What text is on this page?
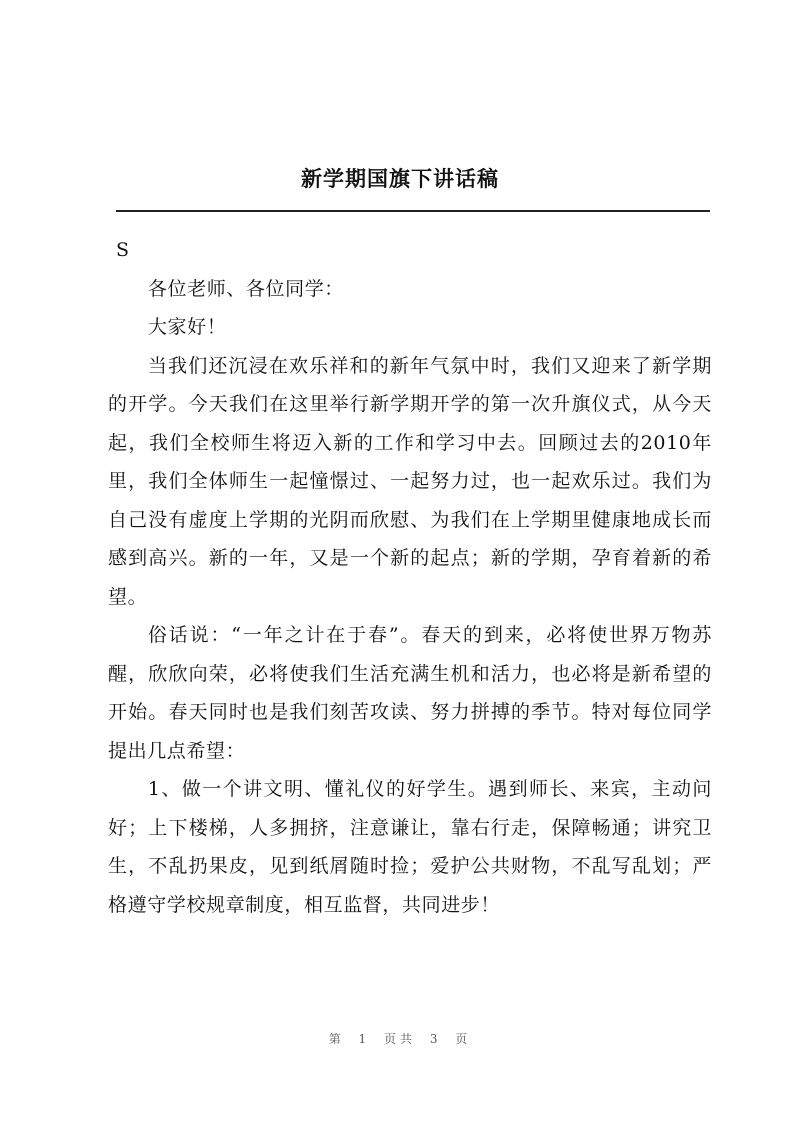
新学期国旗下讲话稿

S

各位老师、各位同学：

大家好！

当我们还沉浸在欢乐祥和的新年气氛中时，我们又迎来了新学期的开学。今天我们在这里举行新学期开学的第一次升旗仪式，从今天起，我们全校师生将迈入新的工作和学习中去。回顾过去的2010年里，我们全体师生一起憧憬过、一起努力过，也一起欢乐过。我们为自己没有虚度上学期的光阴而欣慰、为我们在上学期里健康地成长而感到高兴。新的一年，又是一个新的起点；新的学期，孕育着新的希望。

俗话说：“一年之计在于春”。春天的到来，必将使世界万物苏醒，欣欣向荣，必将使我们生活充满生机和活力，也必将是新希望的开始。春天同时也是我们刻苦攻读、努力拼搏的季节。特对每位同学提出几点希望：

1、做一个讲文明、懂礼仪的好学生。遇到师长、来宾，主动问好；上下楼梯，人多拥挤，注意谦让，靠右行走，保障畅通；讲究卫生，不乱扔果皮，见到纸屑随时捡；爱护公共财物，不乱写乱划；严格遵守学校规章制度，相互监督，共同进步！

第 1 页共 3 页
